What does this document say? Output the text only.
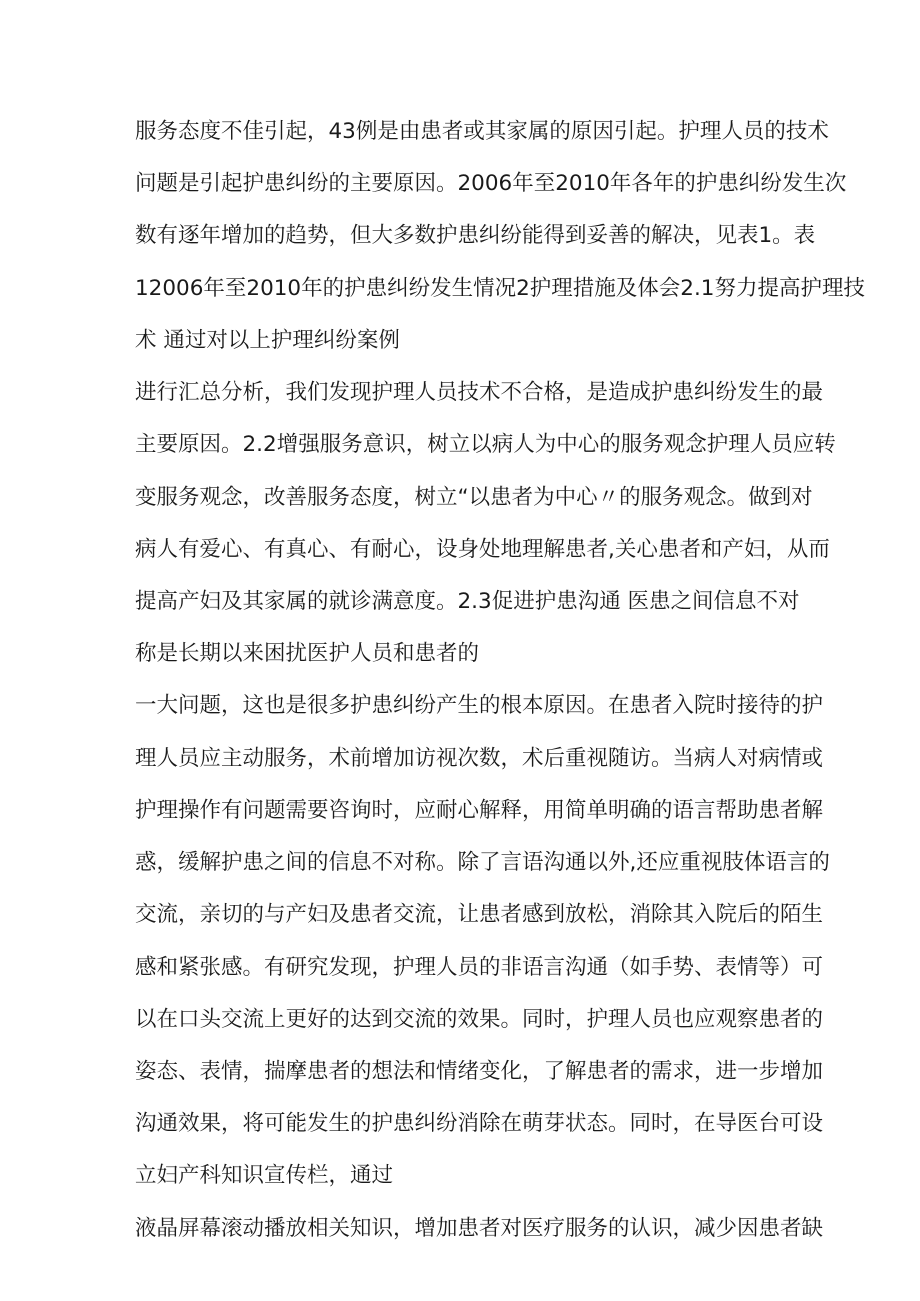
服务态度不佳引起，43例是由患者或其家属的原因引起。护理人员的技术
问题是引起护患纠纷的主要原因。2006年至2010年各年的护患纠纷发生次
数有逐年增加的趋势，但大多数护患纠纷能得到妥善的解决，见表1。表
12006年至2010年的护患纠纷发生情况2护理措施及体会2.1努力提高护理技
术 通过对以上护理纠纷案例
进行汇总分析，我们发现护理人员技术不合格，是造成护患纠纷发生的最
主要原因。2.2增强服务意识，树立以病人为中心的服务观念护理人员应转
变服务观念，改善服务态度，树立“以患者为中心〃的服务观念。做到对
病人有爱心、有真心、有耐心，设身处地理解患者,关心患者和产妇，从而
提高产妇及其家属的就诊满意度。2.3促进护患沟通 医患之间信息不对
称是长期以来困扰医护人员和患者的
一大问题，这也是很多护患纠纷产生的根本原因。在患者入院时接待的护
理人员应主动服务，术前增加访视次数，术后重视随访。当病人对病情或
护理操作有问题需要咨询时，应耐心解释，用简单明确的语言帮助患者解
惑，缓解护患之间的信息不对称。除了言语沟通以外,还应重视肢体语言的
交流，亲切的与产妇及患者交流，让患者感到放松，消除其入院后的陌生
感和紧张感。有研究发现，护理人员的非语言沟通（如手势、表情等）可
以在口头交流上更好的达到交流的效果。同时，护理人员也应观察患者的
姿态、表情，揣摩患者的想法和情绪变化，了解患者的需求，进一步增加
沟通效果，将可能发生的护患纠纷消除在萌芽状态。同时，在导医台可设
立妇产科知识宣传栏，通过
液晶屏幕滚动播放相关知识，增加患者对医疗服务的认识，减少因患者缺
